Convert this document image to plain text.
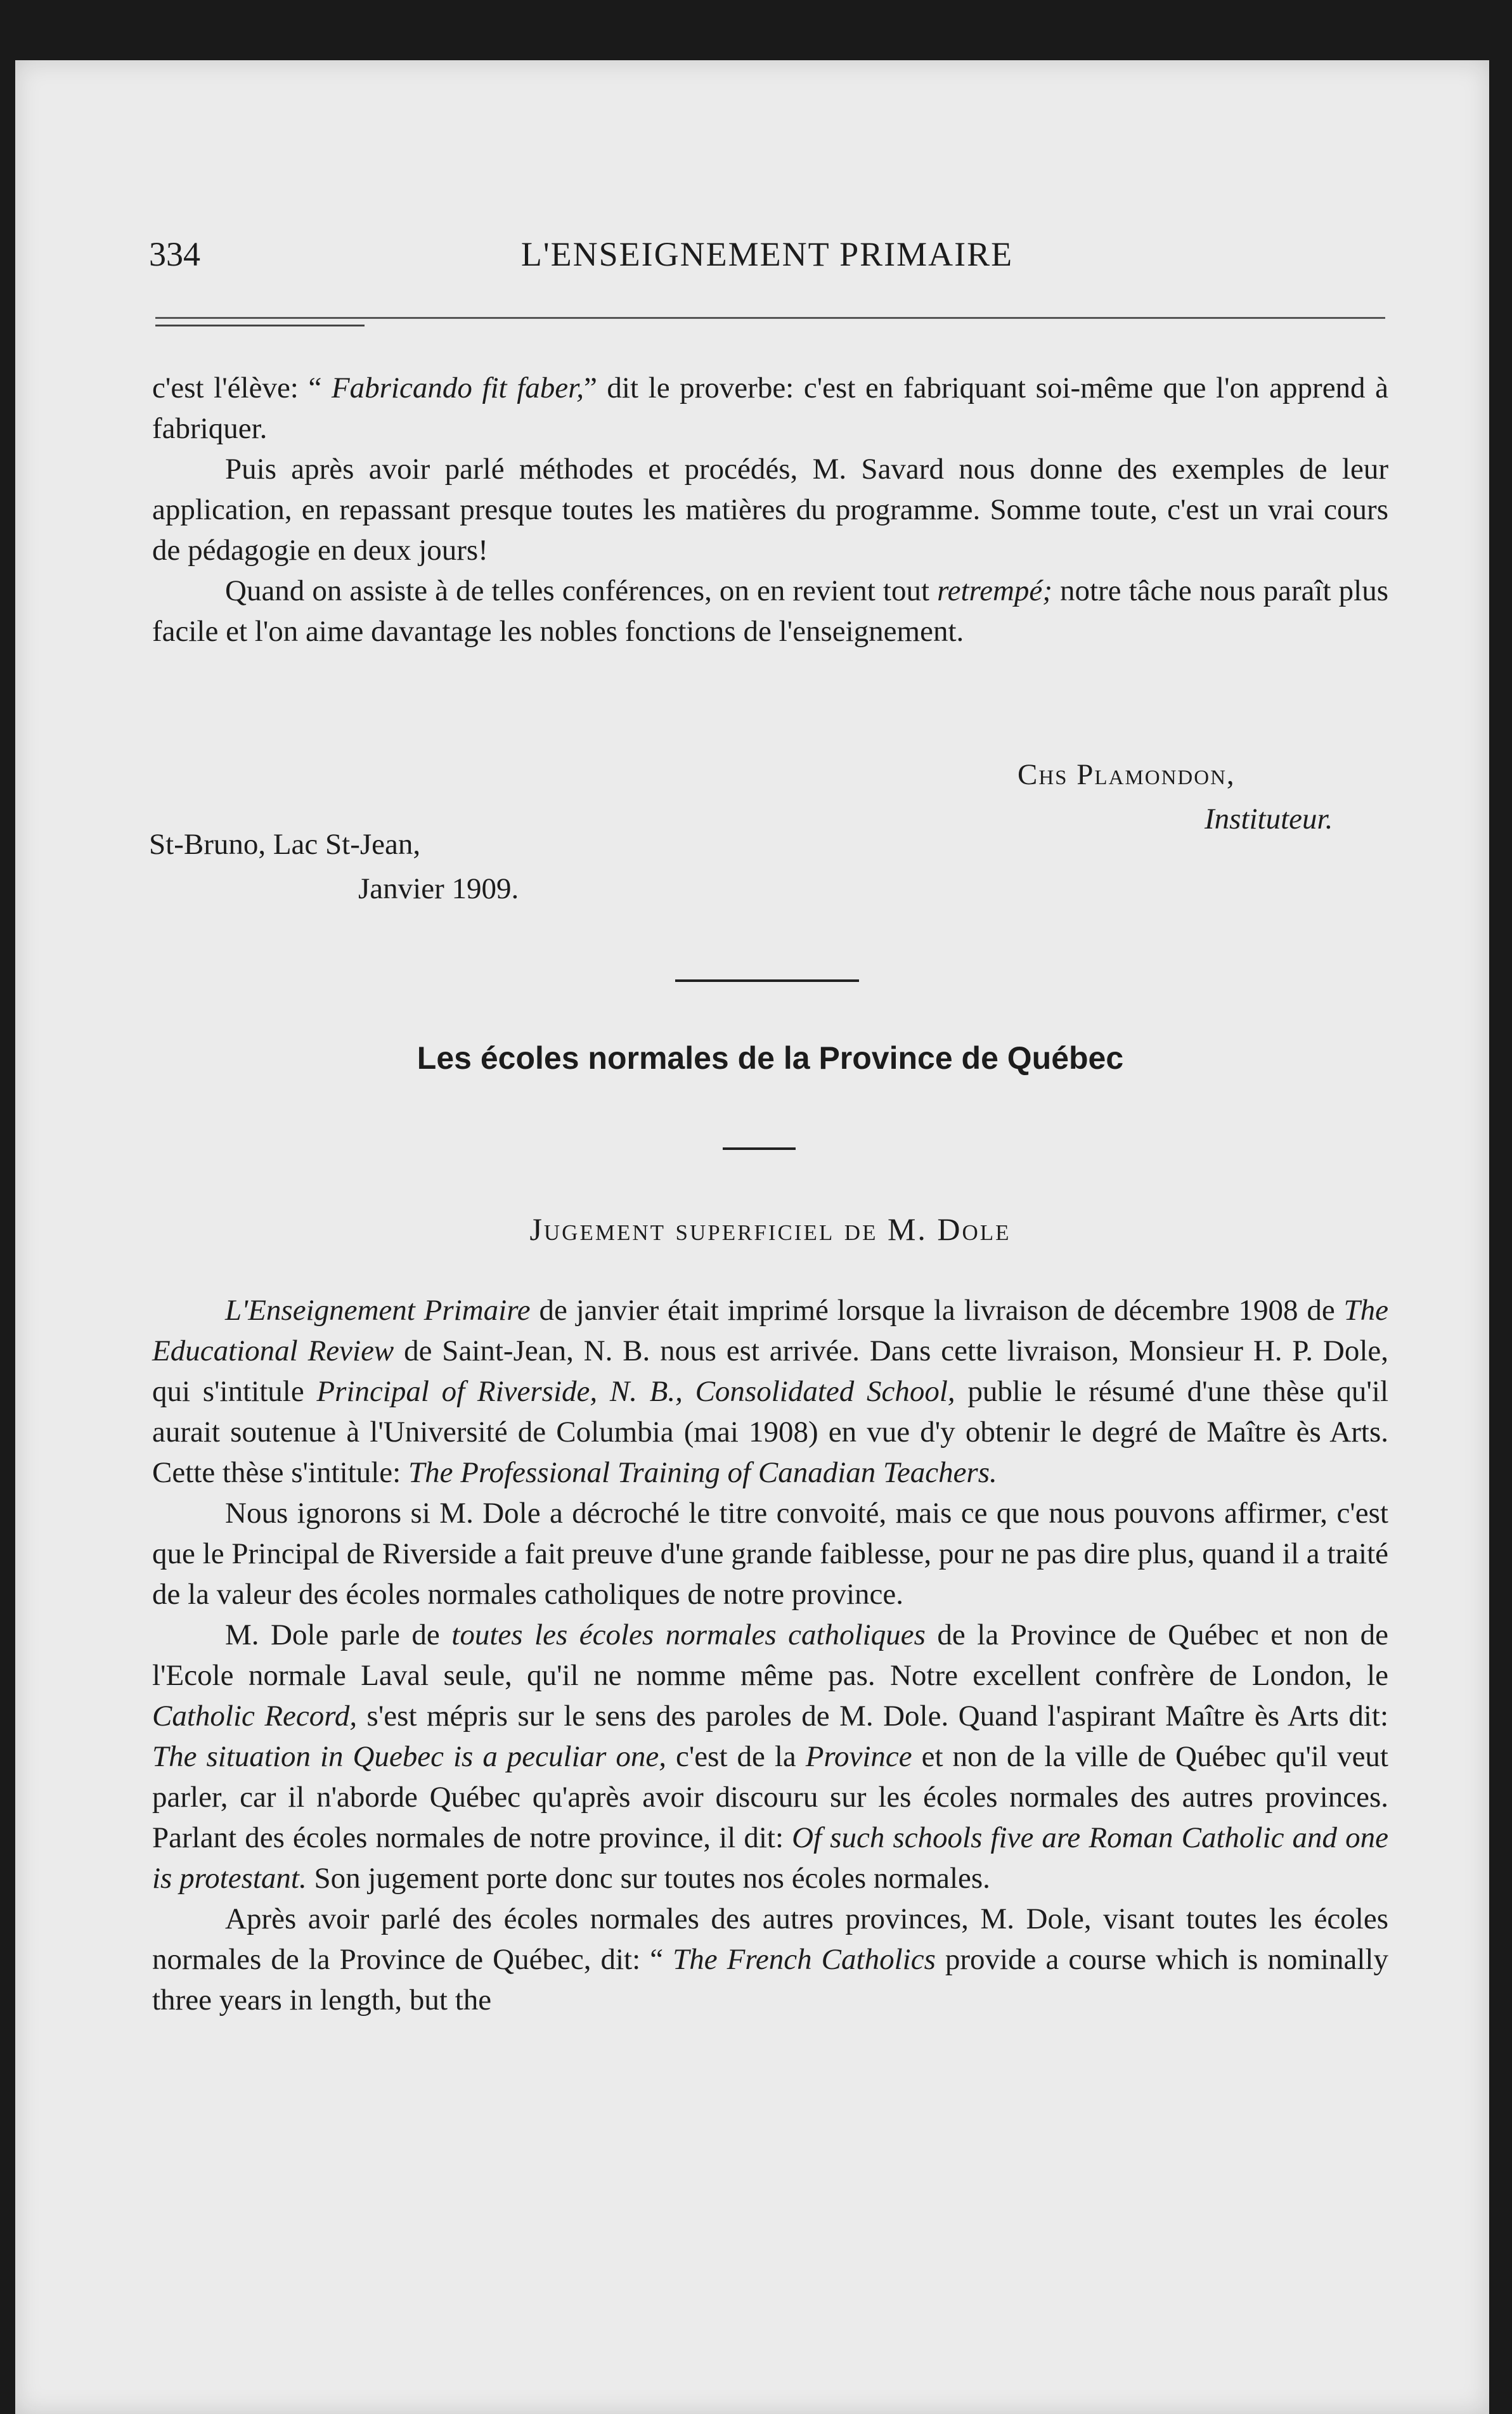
334	L'ENSEIGNEMENT PRIMAIRE

c'est l'élève: “ Fabricando fit faber,” dit le proverbe: c'est en fabriquant soi-même que l'on apprend à fabriquer.

Puis après avoir parlé méthodes et procédés, M. Savard nous donne des exemples de leur application, en repassant presque toutes les matières du programme. Somme toute, c'est un vrai cours de pédagogie en deux jours!

Quand on assiste à de telles conférences, on en revient tout retrempé; notre tâche nous paraît plus facile et l'on aime davantage les nobles fonctions de l'enseignement.

Chs Plamondon,
Instituteur.
St-Bruno, Lac St-Jean,
Janvier 1909.
Les écoles normales de la Province de Québec
Jugement superficiel de M. Dole

L'Enseignement Primaire de janvier était imprimé lorsque la livraison de décembre 1908 de The Educational Review de Saint-Jean, N. B. nous est arrivée. Dans cette livraison, Monsieur H. P. Dole, qui s'intitule Principal of Riverside, N. B., Consolidated School, publie le résumé d'une thèse qu'il aurait soutenue à l'Université de Columbia (mai 1908) en vue d'y obtenir le degré de Maître ès Arts. Cette thèse s'intitule: The Professional Training of Canadian Teachers.

Nous ignorons si M. Dole a décroché le titre convoité, mais ce que nous pouvons affirmer, c'est que le Principal de Riverside a fait preuve d'une grande faiblesse, pour ne pas dire plus, quand il a traité de la valeur des écoles normales catholiques de notre province.

M. Dole parle de toutes les écoles normales catholiques de la Province de Québec et non de l'Ecole normale Laval seule, qu'il ne nomme même pas. Notre excellent confrère de London, le Catholic Record, s'est mépris sur le sens des paroles de M. Dole. Quand l'aspirant Maître ès Arts dit: The situation in Quebec is a peculiar one, c'est de la Province et non de la ville de Québec qu'il veut parler, car il n'aborde Québec qu'après avoir discouru sur les écoles normales des autres provinces. Parlant des écoles normales de notre province, il dit: Of such schools five are Roman Catholic and one is protestant. Son jugement porte donc sur toutes nos écoles normales.

Après avoir parlé des écoles normales des autres provinces, M. Dole, visant toutes les écoles normales de la Province de Québec, dit: “ The French Catholics provide a course which is nominally three years in length, but the
